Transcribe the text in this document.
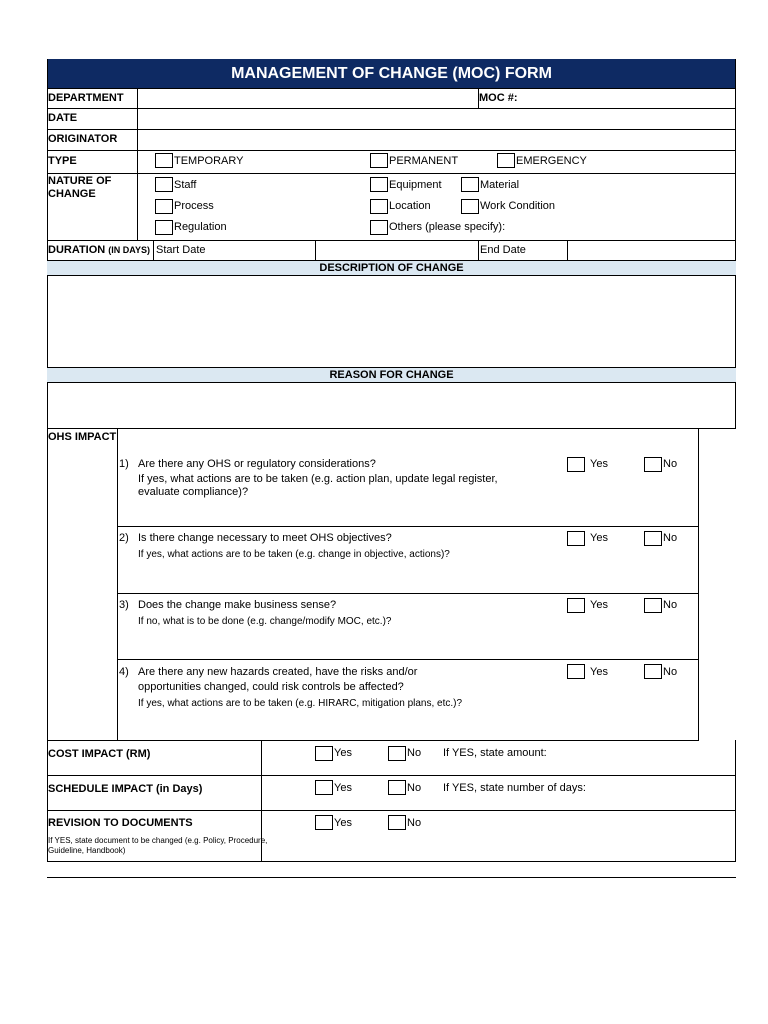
MANAGEMENT OF CHANGE (MOC) FORM
DEPARTMENT	MOC #:
DATE
ORIGINATOR
TYPE	TEMPORARY	PERMANENT	EMERGENCY
NATURE OF
CHANGE
Staff	Equipment	Material
Process	Location	Work Condition
Regulation	Others (please specify):
DURATION (IN DAYS) Start Date	End Date
DESCRIPTION OF CHANGE
REASON FOR CHANGE
OHS IMPACT
1) Are there any OHS or regulatory considerations?
If yes, what actions are to be taken (e.g. action plan, update legal register,
evaluate compliance)?
Yes	No
2) Is there change necessary to meet OHS objectives?
If yes, what actions are to be taken (e.g. change in objective, actions)?
Yes	No
3) Does the change make business sense?
If no, what is to be done (e.g. change/modify MOC, etc.)?
Yes	No
4) Are there any new hazards created, have the risks and/or
opportunities changed, could risk controls be affected?
If yes, what actions are to be taken (e.g. HIRARC, mitigation plans, etc.)?
Yes	No
COST IMPACT (RM)	Yes	No If YES, state amount:
SCHEDULE IMPACT (in Days)	Yes	No If YES, state number of days:
REVISION TO DOCUMENTS
If YES, state document to be changed (e.g. Policy, Procedure,
Guideline, Handbook)
Yes	No
